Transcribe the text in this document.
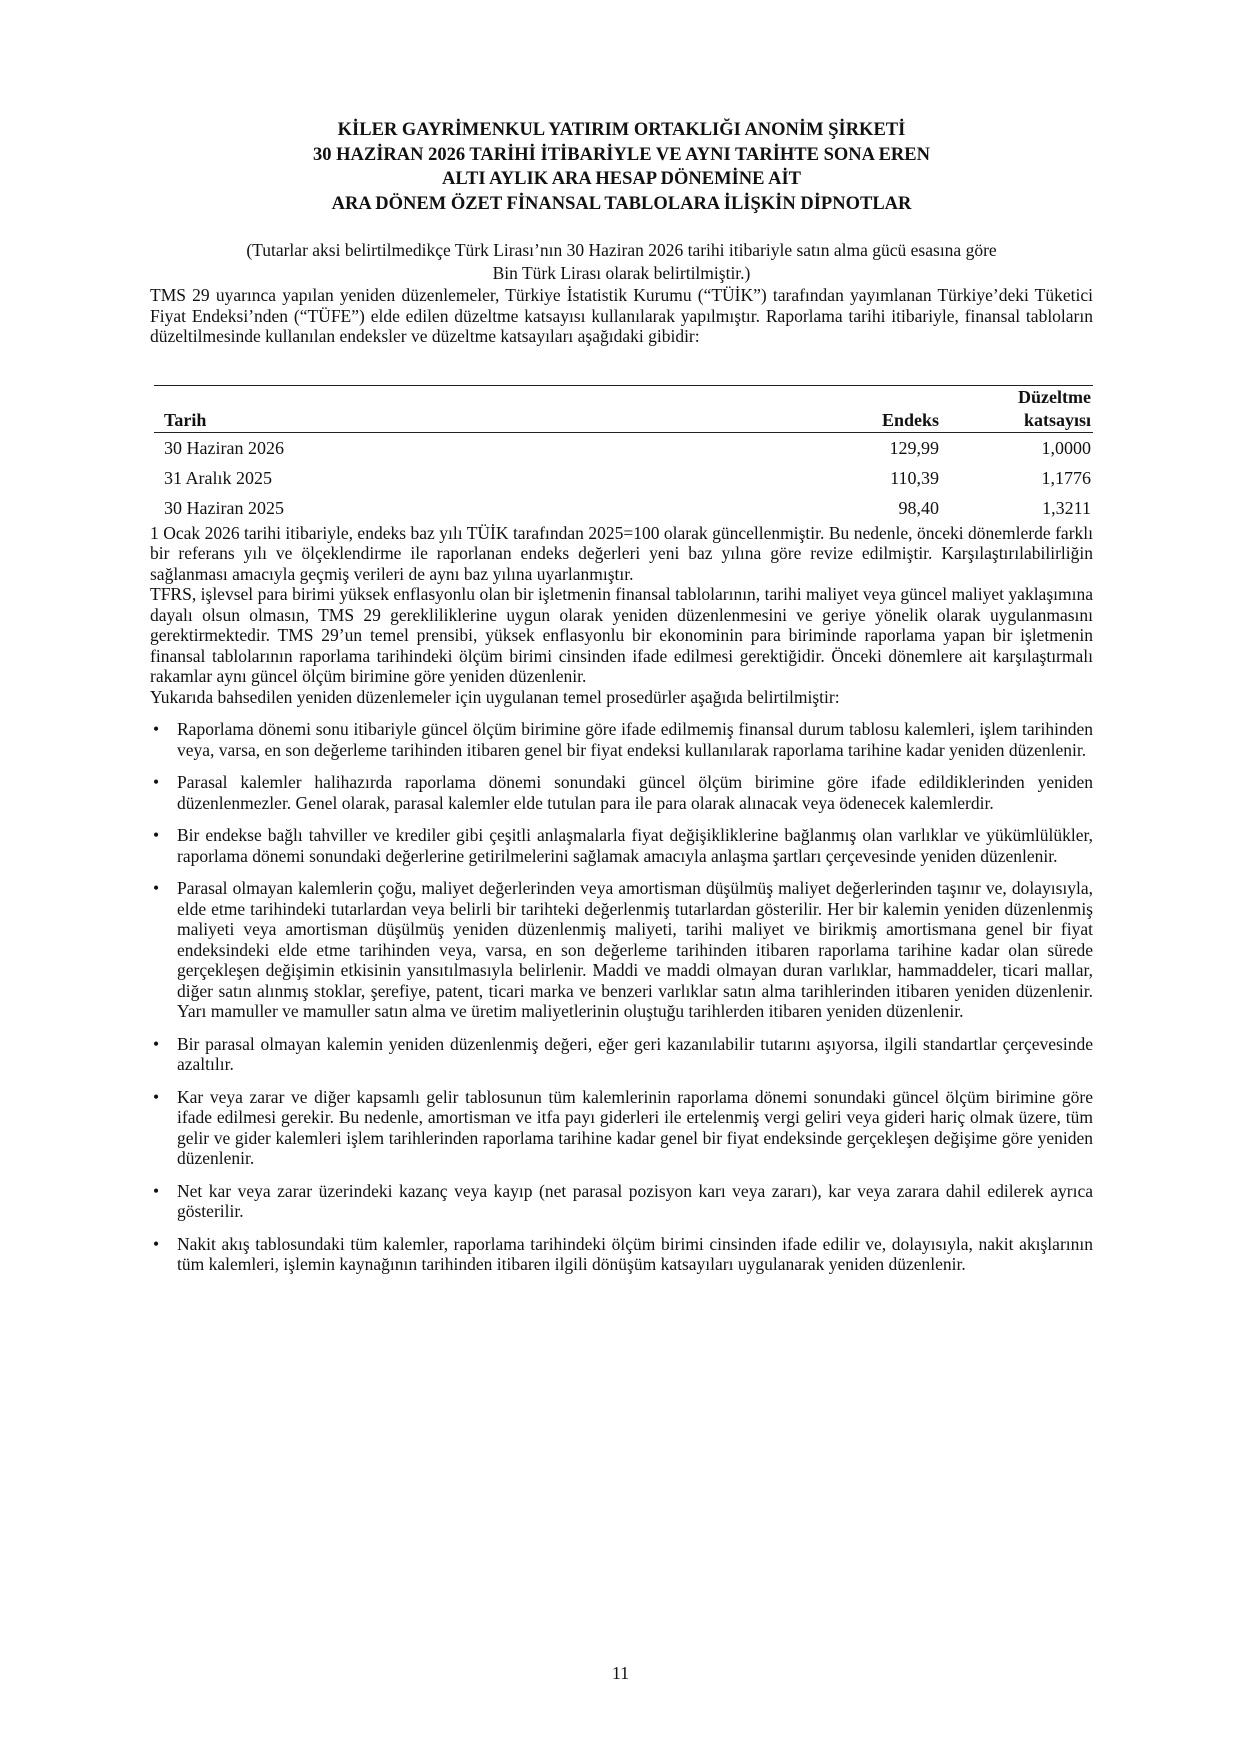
KİLER GAYRİMENKUL YATIRIM ORTAKLIĞI ANONİM ŞİRKETİ
30 HAZİRAN 2026 TARİHİ İTİBARİYLE VE AYNI TARİHTE SONA EREN
ALTI AYLIK ARA HESAP DÖNEMİNE AİT
ARA DÖNEM ÖZET FİNANSAL TABLOLARA İLİŞKİN DİPNOTLAR
(Tutarlar aksi belirtilmedikçe Türk Lirası’nın 30 Haziran 2026 tarihi itibariyle satın alma gücü esasına göre
Bin Türk Lirası olarak belirtilmiştir.)

TMS 29 uyarınca yapılan yeniden düzenlemeler, Türkiye İstatistik Kurumu (“TÜİK”) tarafından yayımlanan Türkiye’deki Tüketici Fiyat Endeksi’nden (“TÜFE”) elde edilen düzeltme katsayısı kullanılarak yapılmıştır. Raporlama tarihi itibariyle, finansal tabloların düzeltilmesinde kullanılan endeksler ve düzeltme katsayıları aşağıdaki gibidir:

		Düzeltme
Tarih	Endeks	katsayısı
30 Haziran 2026	129,99	1,0000
31 Aralık 2025	110,39	1,1776
30 Haziran 2025	98,40	1,3211

1 Ocak 2026 tarihi itibariyle, endeks baz yılı TÜİK tarafından 2025=100 olarak güncellenmiştir. Bu nedenle, önceki dönemlerde farklı bir referans yılı ve ölçeklendirme ile raporlanan endeks değerleri yeni baz yılına göre revize edilmiştir. Karşılaştırılabilirliğin sağlanması amacıyla geçmiş verileri de aynı baz yılına uyarlanmıştır.

TFRS, işlevsel para birimi yüksek enflasyonlu olan bir işletmenin finansal tablolarının, tarihi maliyet veya güncel maliyet yaklaşımına dayalı olsun olmasın, TMS 29 gerekliliklerine uygun olarak yeniden düzenlenmesini ve geriye yönelik olarak uygulanmasını gerektirmektedir. TMS 29’un temel prensibi, yüksek enflasyonlu bir ekonominin para biriminde raporlama yapan bir işletmenin finansal tablolarının raporlama tarihindeki ölçüm birimi cinsinden ifade edilmesi gerektiğidir. Önceki dönemlere ait karşılaştırmalı rakamlar aynı güncel ölçüm birimine göre yeniden düzenlenir.

Yukarıda bahsedilen yeniden düzenlemeler için uygulanan temel prosedürler aşağıda belirtilmiştir:

• Raporlama dönemi sonu itibariyle güncel ölçüm birimine göre ifade edilmemiş finansal durum tablosu kalemleri, işlem tarihinden veya, varsa, en son değerleme tarihinden itibaren genel bir fiyat endeksi kullanılarak raporlama tarihine kadar yeniden düzenlenir.
• Parasal kalemler halihazırda raporlama dönemi sonundaki güncel ölçüm birimine göre ifade edildiklerinden yeniden düzenlenmezler. Genel olarak, parasal kalemler elde tutulan para ile para olarak alınacak veya ödenecek kalemlerdir.
• Bir endekse bağlı tahviller ve krediler gibi çeşitli anlaşmalarla fiyat değişikliklerine bağlanmış olan varlıklar ve yükümlülükler, raporlama dönemi sonundaki değerlerine getirilmelerini sağlamak amacıyla anlaşma şartları çerçevesinde yeniden düzenlenir.
• Parasal olmayan kalemlerin çoğu, maliyet değerlerinden veya amortisman düşülmüş maliyet değerlerinden taşınır ve, dolayısıyla, elde etme tarihindeki tutarlardan veya belirli bir tarihteki değerlenmiş tutarlardan gösterilir. Her bir kalemin yeniden düzenlenmiş maliyeti veya amortisman düşülmüş yeniden düzenlenmiş maliyeti, tarihi maliyet ve birikmiş amortismana genel bir fiyat endeksindeki elde etme tarihinden veya, varsa, en son değerleme tarihinden itibaren raporlama tarihine kadar olan sürede gerçekleşen değişimin etkisinin yansıtılmasıyla belirlenir. Maddi ve maddi olmayan duran varlıklar, hammaddeler, ticari mallar, diğer satın alınmış stoklar, şerefiye, patent, ticari marka ve benzeri varlıklar satın alma tarihlerinden itibaren yeniden düzenlenir. Yarı mamuller ve mamuller satın alma ve üretim maliyetlerinin oluştuğu tarihlerden itibaren yeniden düzenlenir.
• Bir parasal olmayan kalemin yeniden düzenlenmiş değeri, eğer geri kazanılabilir tutarını aşıyorsa, ilgili standartlar çerçevesinde azaltılır.
• Kar veya zarar ve diğer kapsamlı gelir tablosunun tüm kalemlerinin raporlama dönemi sonundaki güncel ölçüm birimine göre ifade edilmesi gerekir. Bu nedenle, amortisman ve itfa payı giderleri ile ertelenmiş vergi geliri veya gideri hariç olmak üzere, tüm gelir ve gider kalemleri işlem tarihlerinden raporlama tarihine kadar genel bir fiyat endeksinde gerçekleşen değişime göre yeniden düzenlenir.
• Net kar veya zarar üzerindeki kazanç veya kayıp (net parasal pozisyon karı veya zararı), kar veya zarara dahil edilerek ayrıca gösterilir.
• Nakit akış tablosundaki tüm kalemler, raporlama tarihindeki ölçüm birimi cinsinden ifade edilir ve, dolayısıyla, nakit akışlarının tüm kalemleri, işlemin kaynağının tarihinden itibaren ilgili dönüşüm katsayıları uygulanarak yeniden düzenlenir.
11
